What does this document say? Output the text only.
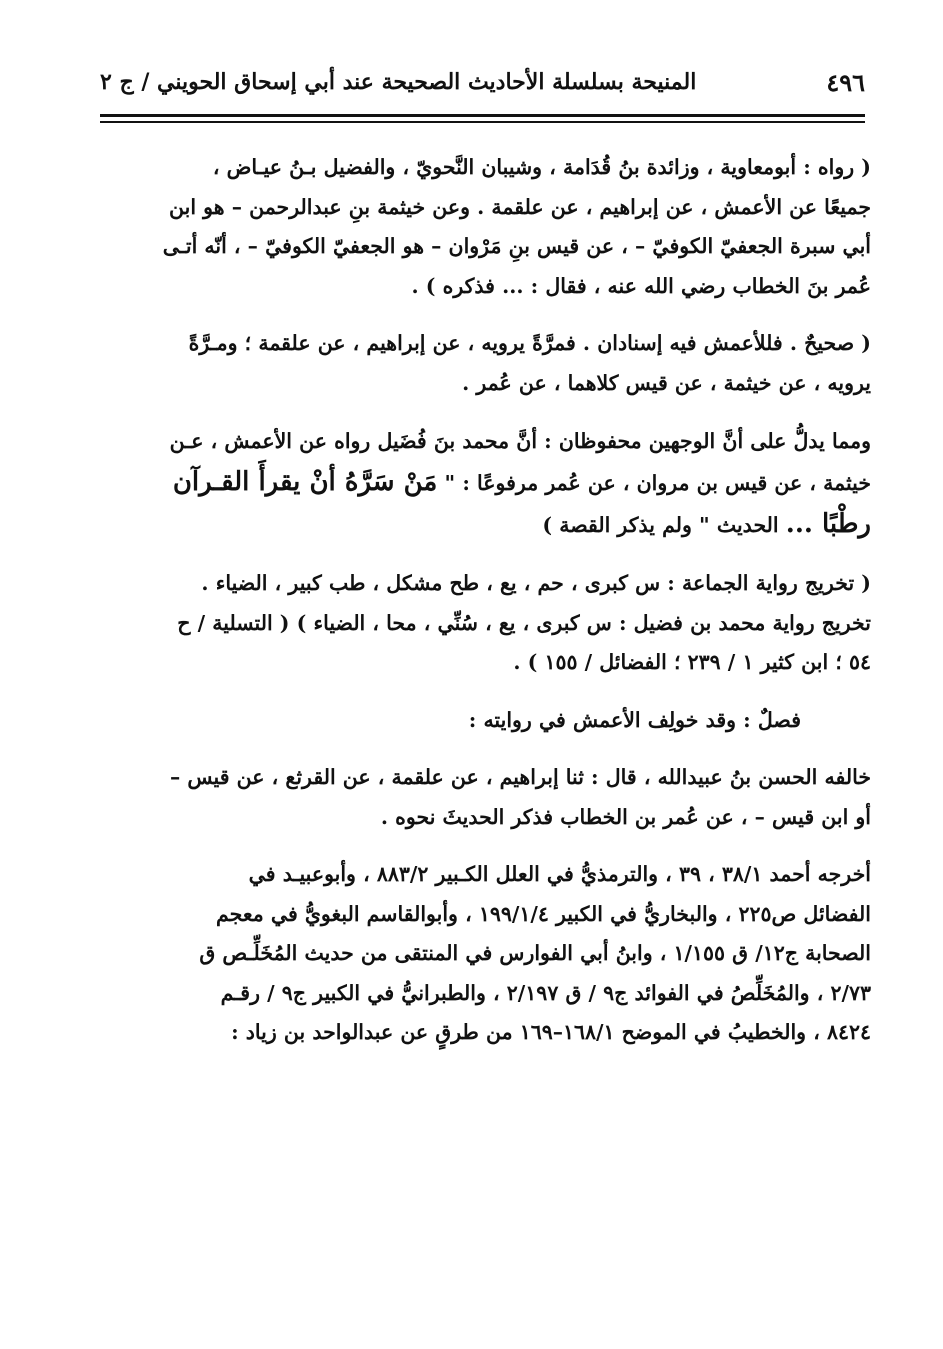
٤٩٦
المنيحة بسلسلة الأحاديث الصحيحة عند أبي إسحاق الحويني / ج ٢

( رواه : أبومعاوية ، وزائدة بنُ قُدَامة ، وشيبان النَّحويّ ، والفضيل بـنُ عيـاض ،

جميعًا عن الأعمش ، عن إبراهيم ، عن علقمة . وعن خيثمة بنِ عبدالرحمن – هو ابن

أبي سبرة الجعفيّ الكوفيّ – ، عن قيس بنِ مَرْوان – هو الجعفيّ الكوفيّ – ، أنّه أتـى

عُمر بنَ الخطاب رضي الله عنه ، فقال : ... فذكره ) .

( صحيحٌ . فللأعمش فيه إسنادان . فمرَّةً يرويه ، عن إبراهيم ، عن علقمة ؛ ومـرَّةً

يرويه ، عن خيثمة ، عن قيس كلاهما ، عن عُمر .

ومما يدلُّ على أنَّ الوجهين محفوظان : أنَّ محمد بنَ فُضَيل رواه عن الأعمش ، عـن

خيثمة ، عن قيس بن مروان ، عن عُمر مرفوعًا : " مَنْ سَرَّهُ أنْ يقرأَ القـرآن

رطْبًا ... الحديث " ولم يذكر القصة )

( تخريج رواية الجماعة : س كبرى ، حم ، يع ، طح مشكل ، طب كبير ، الضياء .

تخريج رواية محمد بن فضيل : س كبرى ، يع ، سُنِّي ، محا ، الضياء ) ( التسلية / ح

٥٤ ؛ ابن كثير ١ / ٢٣٩ ؛ الفضائل / ١٥٥ ) .

فصلٌ : وقد خولِف الأعمش في روايته :

خالفه الحسن بنُ عبيدالله ، قال : ثنا إبراهيم ، عن علقمة ، عن القرثع ، عن قيس –

أو ابن قيس – ، عن عُمر بن الخطاب فذكر الحديثَ نحوه .

أخرجه أحمد ٣٨/١ ، ٣٩ ، والترمذيُّ في العلل الكـبير ٨٨٣/٢ ، وأبوعبيـد في

الفضائل ص٢٢٥ ، والبخاريُّ في الكبير ١٩٩/١/٤ ، وأبوالقاسم البغويُّ في معجم

الصحابة ج١٢/ ق ١/١٥٥ ، وابنُ أبي الفوارس في المنتقى من حديث المُخَلِّـص ق

٢/٧٣ ، والمُخَلِّصُ في الفوائد ج٩ / ق ٢/١٩٧ ، والطبرانيُّ في الكبير ج٩ / رقـم

٨٤٢٤ ، والخطيبُ في الموضح ١٦٨/١–١٦٩ من طرقٍ عن عبدالواحد بن زياد :
